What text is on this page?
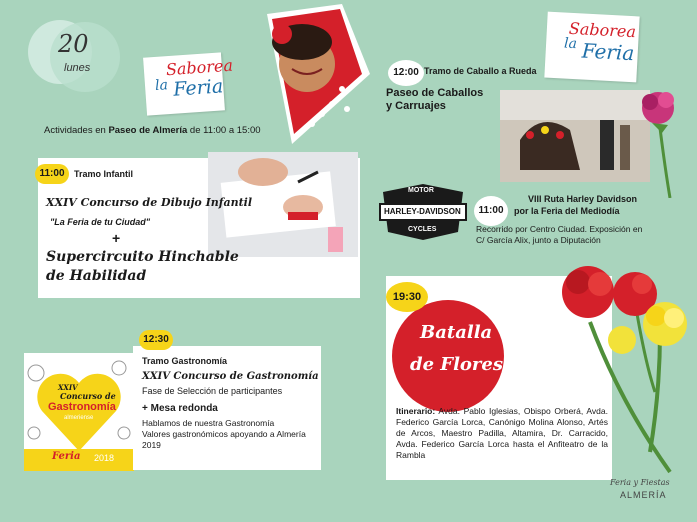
20
lunes	Saborea
la Feria
Actividades en Paseo de Almería de 11:00 a 15:00
11:00	Tramo Infantil
XXIV Concurso de Dibujo Infantil
"La Feria de tu Ciudad"
+
Supercircuito Hinchable
de Habilidad
XXIV
Concurso de
Gastronomía
almeriense
Feria 2018
12:30
Tramo Gastronomía
XXIV Concurso de Gastronomía
Fase de Selección de participantes
+ Mesa redonda
Hablamos de nuestra Gastronomía
Valores gastronómicos apoyando a Almería
2019
12:00 Tramo de Caballo a Rueda
Paseo de Caballos
y Carruajes
Saborea
la Feria
MOTOR
HARLEY-DAVIDSON
CYCLES
11:00
VIII Ruta Harley Davidson
por la Feria del Mediodía
Recorrido por Centro Ciudad. Exposición en
C/ García Alix, junto a Diputación
19:30
Batalla
de Flores
Itinerario: Avda. Pablo Iglesias, Obispo Orberá, Avda. Federico García Lorca, Canónigo Molina Alonso, Artés de Arcos, Maestro Padilla, Altamira, Dr. Carracido, Avda. Federico García Lorca hasta el Anfiteatro de la Rambla
Feria y Fiestas
ALMERÍA
